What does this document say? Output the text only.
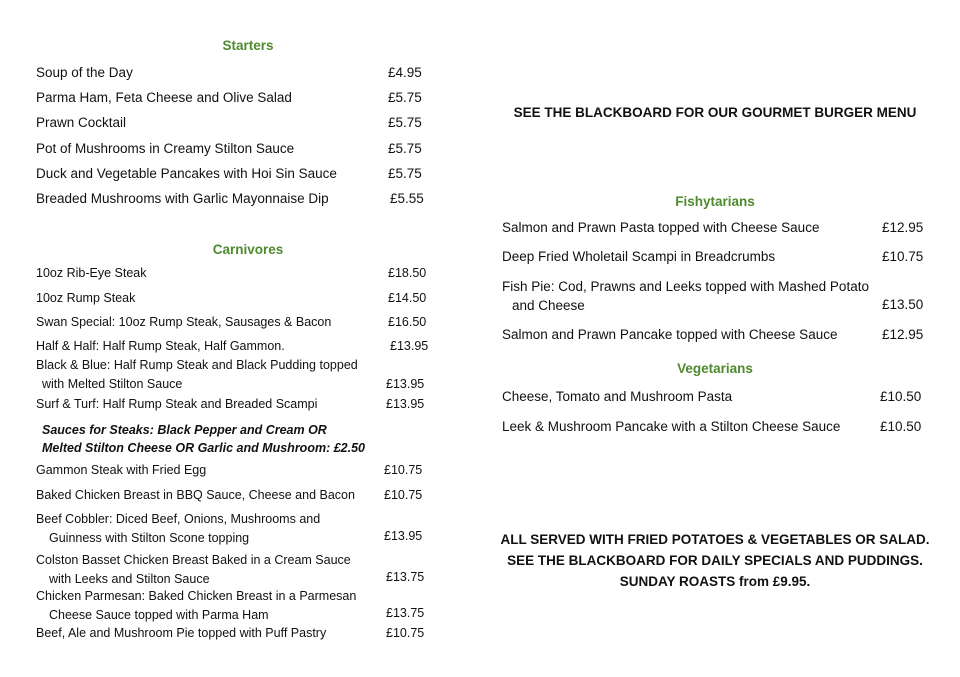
Starters
Soup of the Day	£4.95
Parma Ham, Feta Cheese and Olive Salad	£5.75
Prawn Cocktail	£5.75
Pot of Mushrooms in Creamy Stilton Sauce	£5.75
Duck and Vegetable Pancakes with Hoi Sin Sauce	£5.75
Breaded Mushrooms with Garlic Mayonnaise Dip	£5.55
Carnivores
10oz Rib-Eye Steak	£18.50
10oz Rump Steak	£14.50
Swan Special: 10oz Rump Steak, Sausages & Bacon	£16.50
Half & Half: Half Rump Steak, Half Gammon.	£13.95
Black & Blue: Half Rump Steak and Black Pudding topped
with Melted Stilton Sauce	£13.95
Surf & Turf: Half Rump Steak and Breaded Scampi	£13.95
Sauces for Steaks: Black Pepper and Cream OR
Melted Stilton Cheese OR Garlic and Mushroom: £2.50
Gammon Steak with Fried Egg	£10.75
Baked Chicken Breast in BBQ Sauce, Cheese and Bacon £10.75
Beef Cobbler: Diced Beef, Onions, Mushrooms and
Guinness with Stilton Scone topping	£13.95
Colston Basset Chicken Breast Baked in a Cream Sauce
with Leeks and Stilton Sauce	£13.75
Chicken Parmesan: Baked Chicken Breast in a Parmesan
Cheese Sauce topped with Parma Ham	£13.75
Beef, Ale and Mushroom Pie topped with Puff Pastry	£10.75
SEE THE BLACKBOARD FOR OUR GOURMET BURGER MENU
Fishytarians
Salmon and Prawn Pasta topped with Cheese Sauce	£12.95
Deep Fried Wholetail Scampi in Breadcrumbs	£10.75
Fish Pie: Cod, Prawns and Leeks topped with Mashed Potato
and Cheese	£13.50
Salmon and Prawn Pancake topped with Cheese Sauce	£12.95
Vegetarians
Cheese, Tomato and Mushroom Pasta	£10.50
Leek & Mushroom Pancake with a Stilton Cheese Sauce	£10.50
ALL SERVED WITH FRIED POTATOES & VEGETABLES OR SALAD.
SEE THE BLACKBOARD FOR DAILY SPECIALS AND PUDDINGS.
SUNDAY ROASTS from £9.95.
